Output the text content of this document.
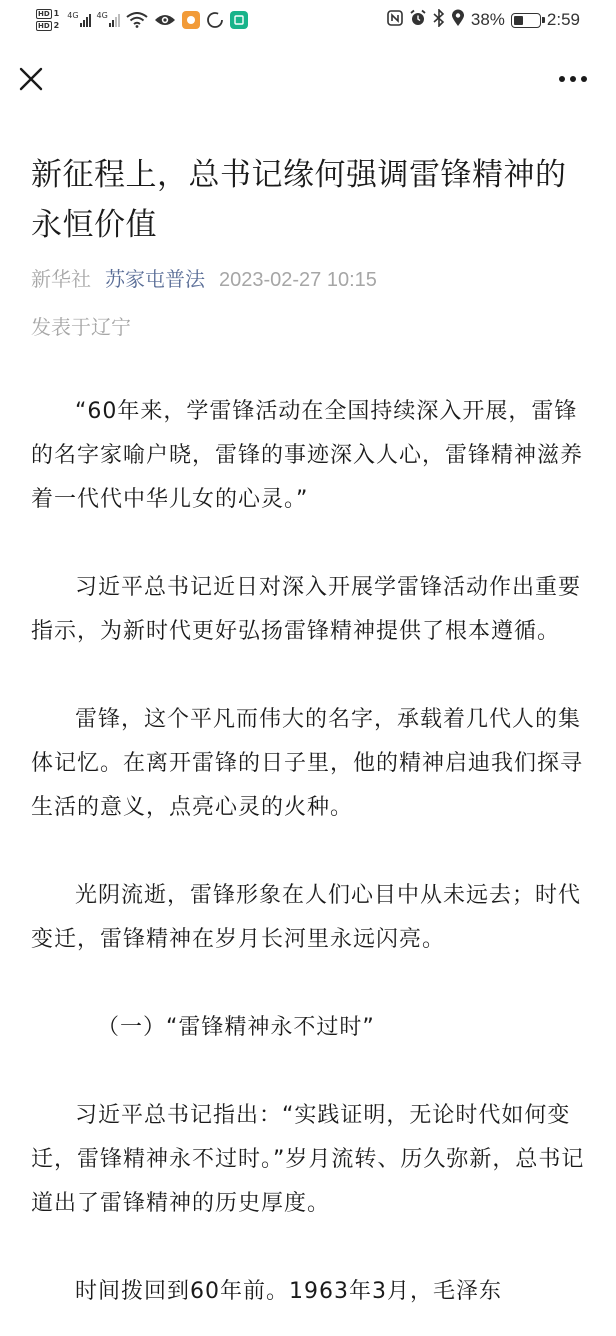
HD 1
HD 2
4G 4G	38% 2:59
新征程上，总书记缘何强调雷锋精神的永恒价值
新华社 苏家屯普法 2023-02-27 10:15
发表于辽宁

“60年来，学雷锋活动在全国持续深入开展，雷锋的名字家喻户晓，雷锋的事迹深入人心，雷锋精神滋养着一代代中华儿女的心灵。”

习近平总书记近日对深入开展学雷锋活动作出重要指示，为新时代更好弘扬雷锋精神提供了根本遵循。

雷锋，这个平凡而伟大的名字，承载着几代人的集体记忆。在离开雷锋的日子里，他的精神启迪我们探寻生活的意义，点亮心灵的火种。

光阴流逝，雷锋形象在人们心目中从未远去；时代变迁，雷锋精神在岁月长河里永远闪亮。

（一）“雷锋精神永不过时”

习近平总书记指出：“实践证明，无论时代如何变迁，雷锋精神永不过时。”岁月流转、历久弥新，总书记道出了雷锋精神的历史厚度。

时间拨回到60年前。1963年3月，毛泽东
